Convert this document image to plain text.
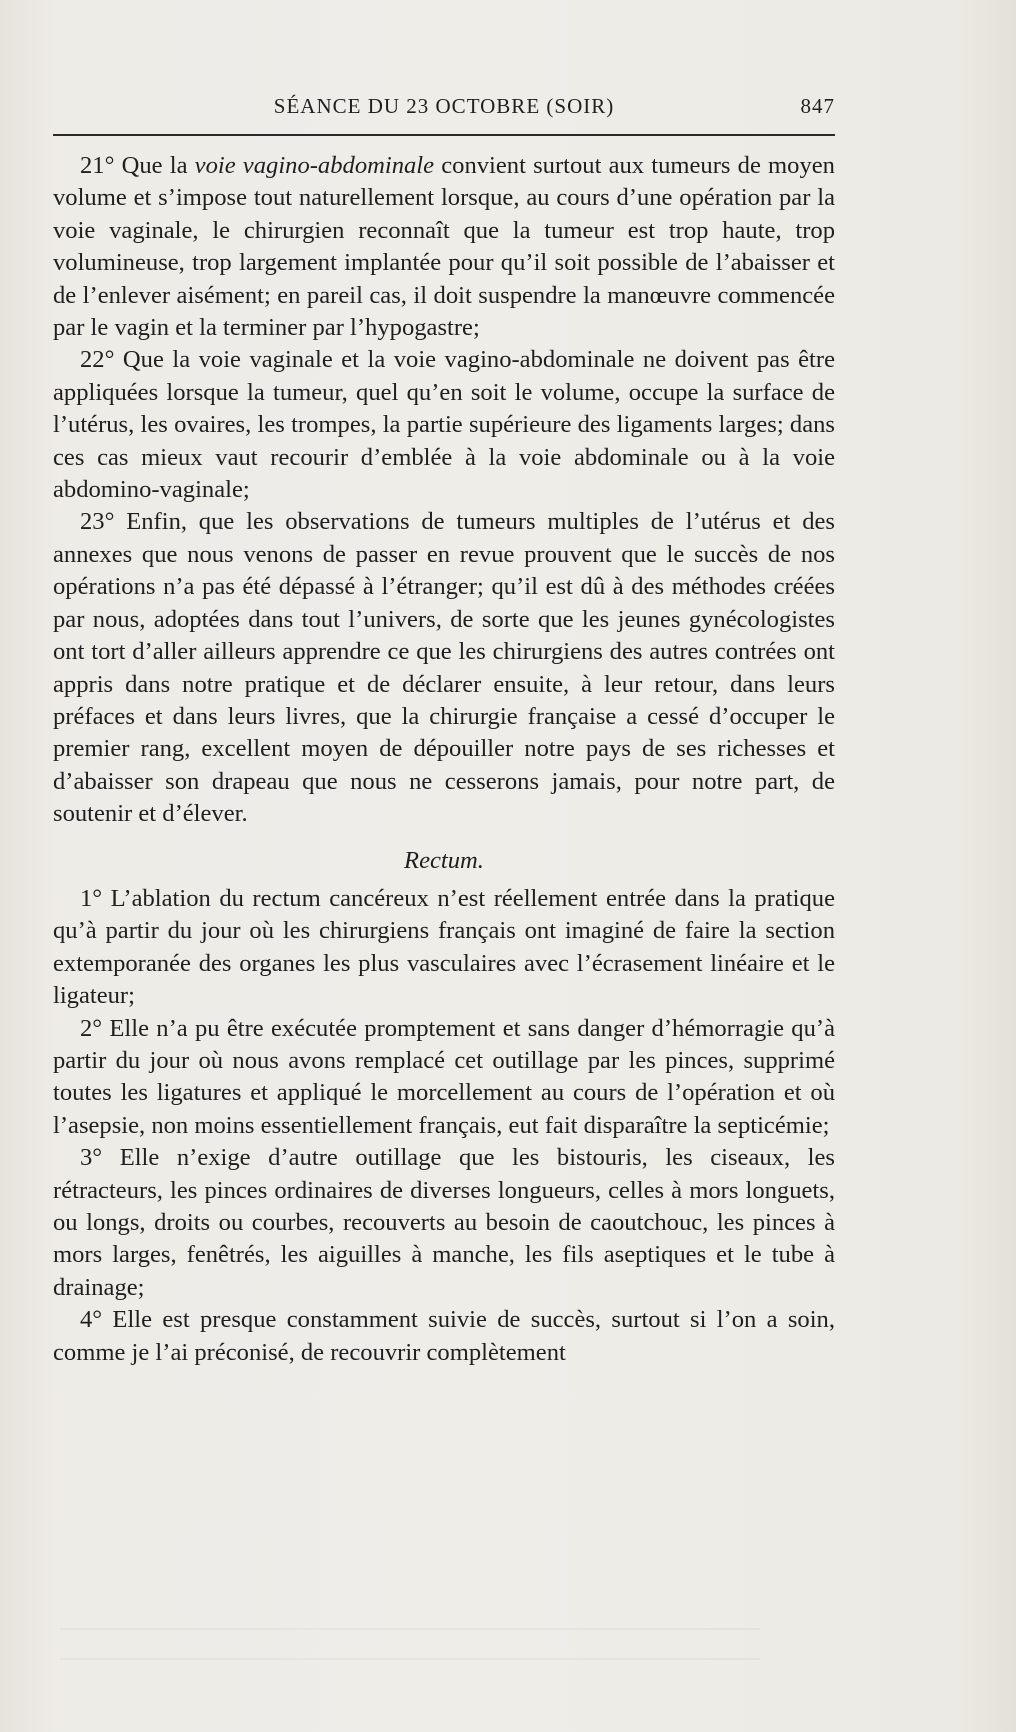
SÉANCE DU 23 OCTOBRE (SOIR)	847

21° Que la voie vagino-abdominale convient surtout aux tumeurs de moyen volume et s’impose tout naturellement lorsque, au cours d’une opération par la voie vaginale, le chirurgien reconnaît que la tumeur est trop haute, trop volumineuse, trop largement implantée pour qu’il soit possible de l’abaisser et de l’enlever aisément; en pareil cas, il doit suspendre la manœuvre commencée par le vagin et la terminer par l’hypogastre;

22° Que la voie vaginale et la voie vagino-abdominale ne doivent pas être appliquées lorsque la tumeur, quel qu’en soit le volume, occupe la surface de l’utérus, les ovaires, les trompes, la partie supérieure des ligaments larges; dans ces cas mieux vaut recourir d’emblée à la voie abdominale ou à la voie abdomino-vaginale;

23° Enfin, que les observations de tumeurs multiples de l’utérus et des annexes que nous venons de passer en revue prouvent que le succès de nos opérations n’a pas été dépassé à l’étranger; qu’il est dû à des méthodes créées par nous, adoptées dans tout l’univers, de sorte que les jeunes gynécologistes ont tort d’aller ailleurs apprendre ce que les chirurgiens des autres contrées ont appris dans notre pratique et de déclarer ensuite, à leur retour, dans leurs préfaces et dans leurs livres, que la chirurgie française a cessé d’occuper le premier rang, excellent moyen de dépouiller notre pays de ses richesses et d’abaisser son drapeau que nous ne cesserons jamais, pour notre part, de soutenir et d’élever.

Rectum.

1° L’ablation du rectum cancéreux n’est réellement entrée dans la pratique qu’à partir du jour où les chirurgiens français ont imaginé de faire la section extemporanée des organes les plus vasculaires avec l’écrasement linéaire et le ligateur;

2° Elle n’a pu être exécutée promptement et sans danger d’hémorragie qu’à partir du jour où nous avons remplacé cet outillage par les pinces, supprimé toutes les ligatures et appliqué le morcellement au cours de l’opération et où l’asepsie, non moins essentiellement français, eut fait disparaître la septicémie;

3° Elle n’exige d’autre outillage que les bistouris, les ciseaux, les rétracteurs, les pinces ordinaires de diverses longueurs, celles à mors longuets, ou longs, droits ou courbes, recouverts au besoin de caoutchouc, les pinces à mors larges, fenêtrés, les aiguilles à manche, les fils aseptiques et le tube à drainage;

4° Elle est presque constamment suivie de succès, surtout si l’on a soin, comme je l’ai préconisé, de recouvrir complètement
